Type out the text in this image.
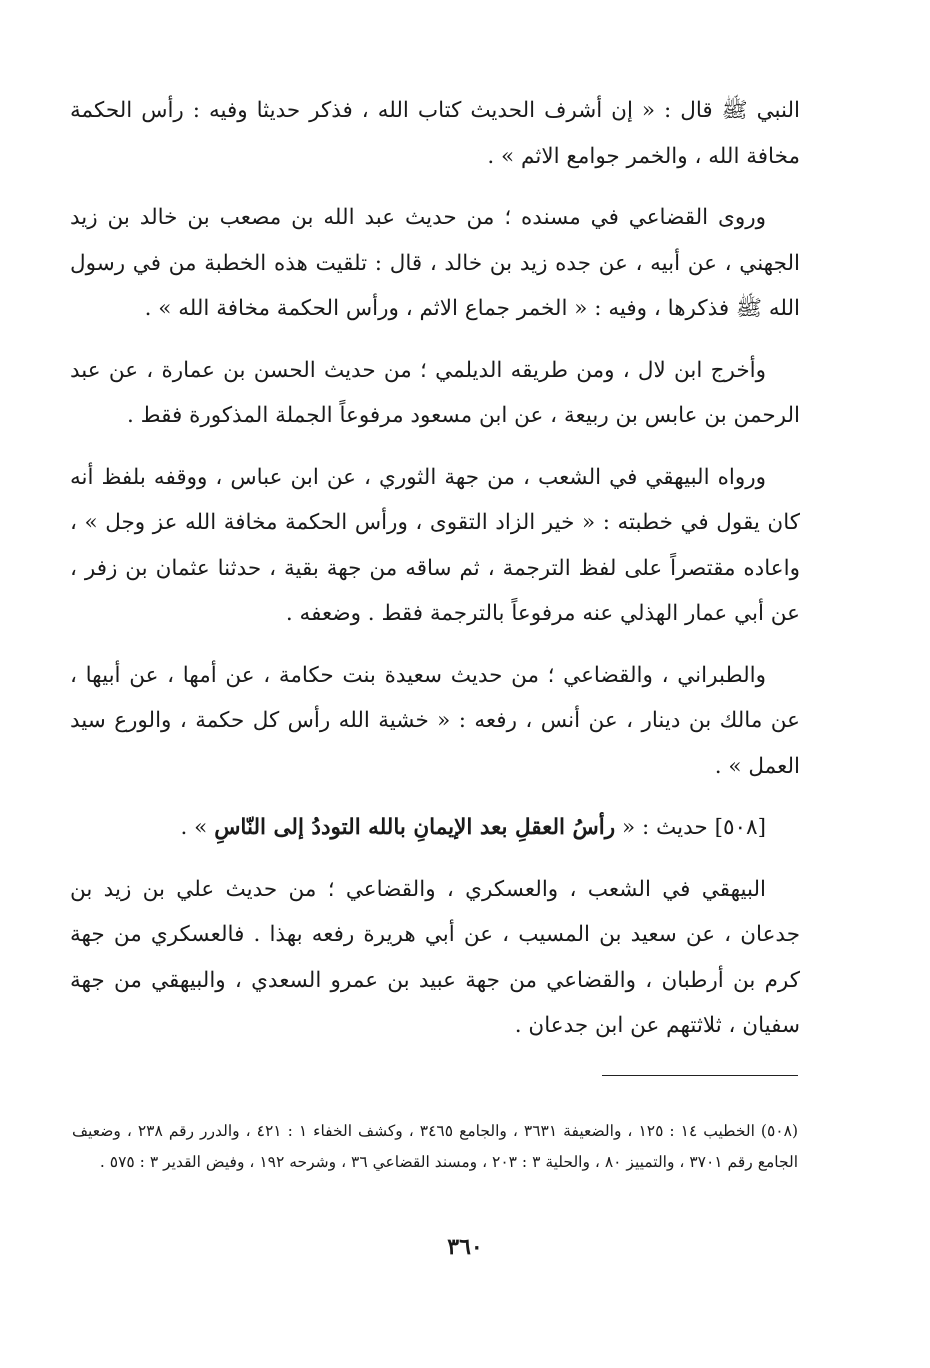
النبي ﷺ قال : « إن أشرف الحديث كتاب الله ، فذكر حديثا وفيه : رأس الحكمة مخافة الله ، والخمر جوامع الاثم » .

وروى القضاعي في مسنده ؛ من حديث عبد الله بن مصعب بن خالد بن زيد الجهني ، عن أبيه ، عن جده زيد بن خالد ، قال : تلقيت هذه الخطبة من في رسول الله ﷺ فذكرها ، وفيه : « الخمر جماع الاثم ، ورأس الحكمة مخافة الله » .

وأخرج ابن لال ، ومن طريقه الديلمي ؛ من حديث الحسن بن عمارة ، عن عبد الرحمن بن عابس بن ربيعة ، عن ابن مسعود مرفوعاً الجملة المذكورة فقط .

ورواه البيهقي في الشعب ، من جهة الثوري ، عن ابن عباس ، ووقفه بلفظ أنه كان يقول في خطبته : « خير الزاد التقوى ، ورأس الحكمة مخافة الله عز وجل » ، واعاده مقتصراً على لفظ الترجمة ، ثم ساقه من جهة بقية ، حدثنا عثمان بن زفر ، عن أبي عمار الهذلي عنه مرفوعاً بالترجمة فقط . وضعفه .

والطبراني ، والقضاعي ؛ من حديث سعيدة بنت حكامة ، عن أمها ، عن أبيها ، عن مالك بن دينار ، عن أنس ، رفعه : « خشية الله رأس كل حكمة ، والورع سيد العمل » .

[٥٠٨] حديث : « رأسُ العقلِ بعد الإيمانِ بالله التوددُ إلى النّاسِ » .

البيهقي في الشعب ، والعسكري ، والقضاعي ؛ من حديث علي بن زيد بن جدعان ، عن سعيد بن المسيب ، عن أبي هريرة رفعه بهذا . فالعسكري من جهة كرم بن أرطبان ، والقضاعي من جهة عبيد بن عمرو السعدي ، والبيهقي من جهة سفيان ، ثلاثتهم عن ابن جدعان .

(٥٠٨) الخطيب ١٤ : ١٢٥ ، والضعيفة ٣٦٣١ ، والجامع ٣٤٦٥ ، وكشف الخفاء ١ : ٤٢١ ، والدرر رقم ٢٣٨ ، وضعيف الجامع رقم ٣٧٠١ ، والتمييز ٨٠ ، والحلية ٣ : ٢٠٣ ، ومسند القضاعي ٣٦ ، وشرحه ١٩٢ ، وفيض القدير ٣ : ٥٧٥ .

٣٦٠
